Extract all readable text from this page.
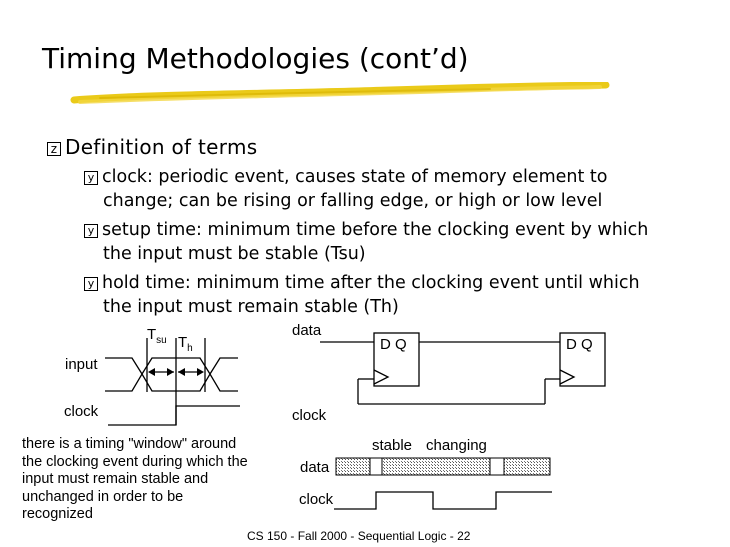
Timing Methodologies (cont’d)
z Definition of terms
y clock: periodic event, causes state of memory element to
change; can be rising or falling edge, or high or low level
y setup time: minimum time before the clocking event by which
the input must be stable (Tsu)
y hold time: minimum time after the clocking event until which
the input must remain stable (Th)
$T_{su}$ $T_h$
input
clock
data
clock
D Q	D Q
there is a timing "window" around the clocking event during which the input must remain stable and unchanged in order to be recognized
stable changing
data
clock
CS 150 - Fall 2000 - Sequential Logic - 22
